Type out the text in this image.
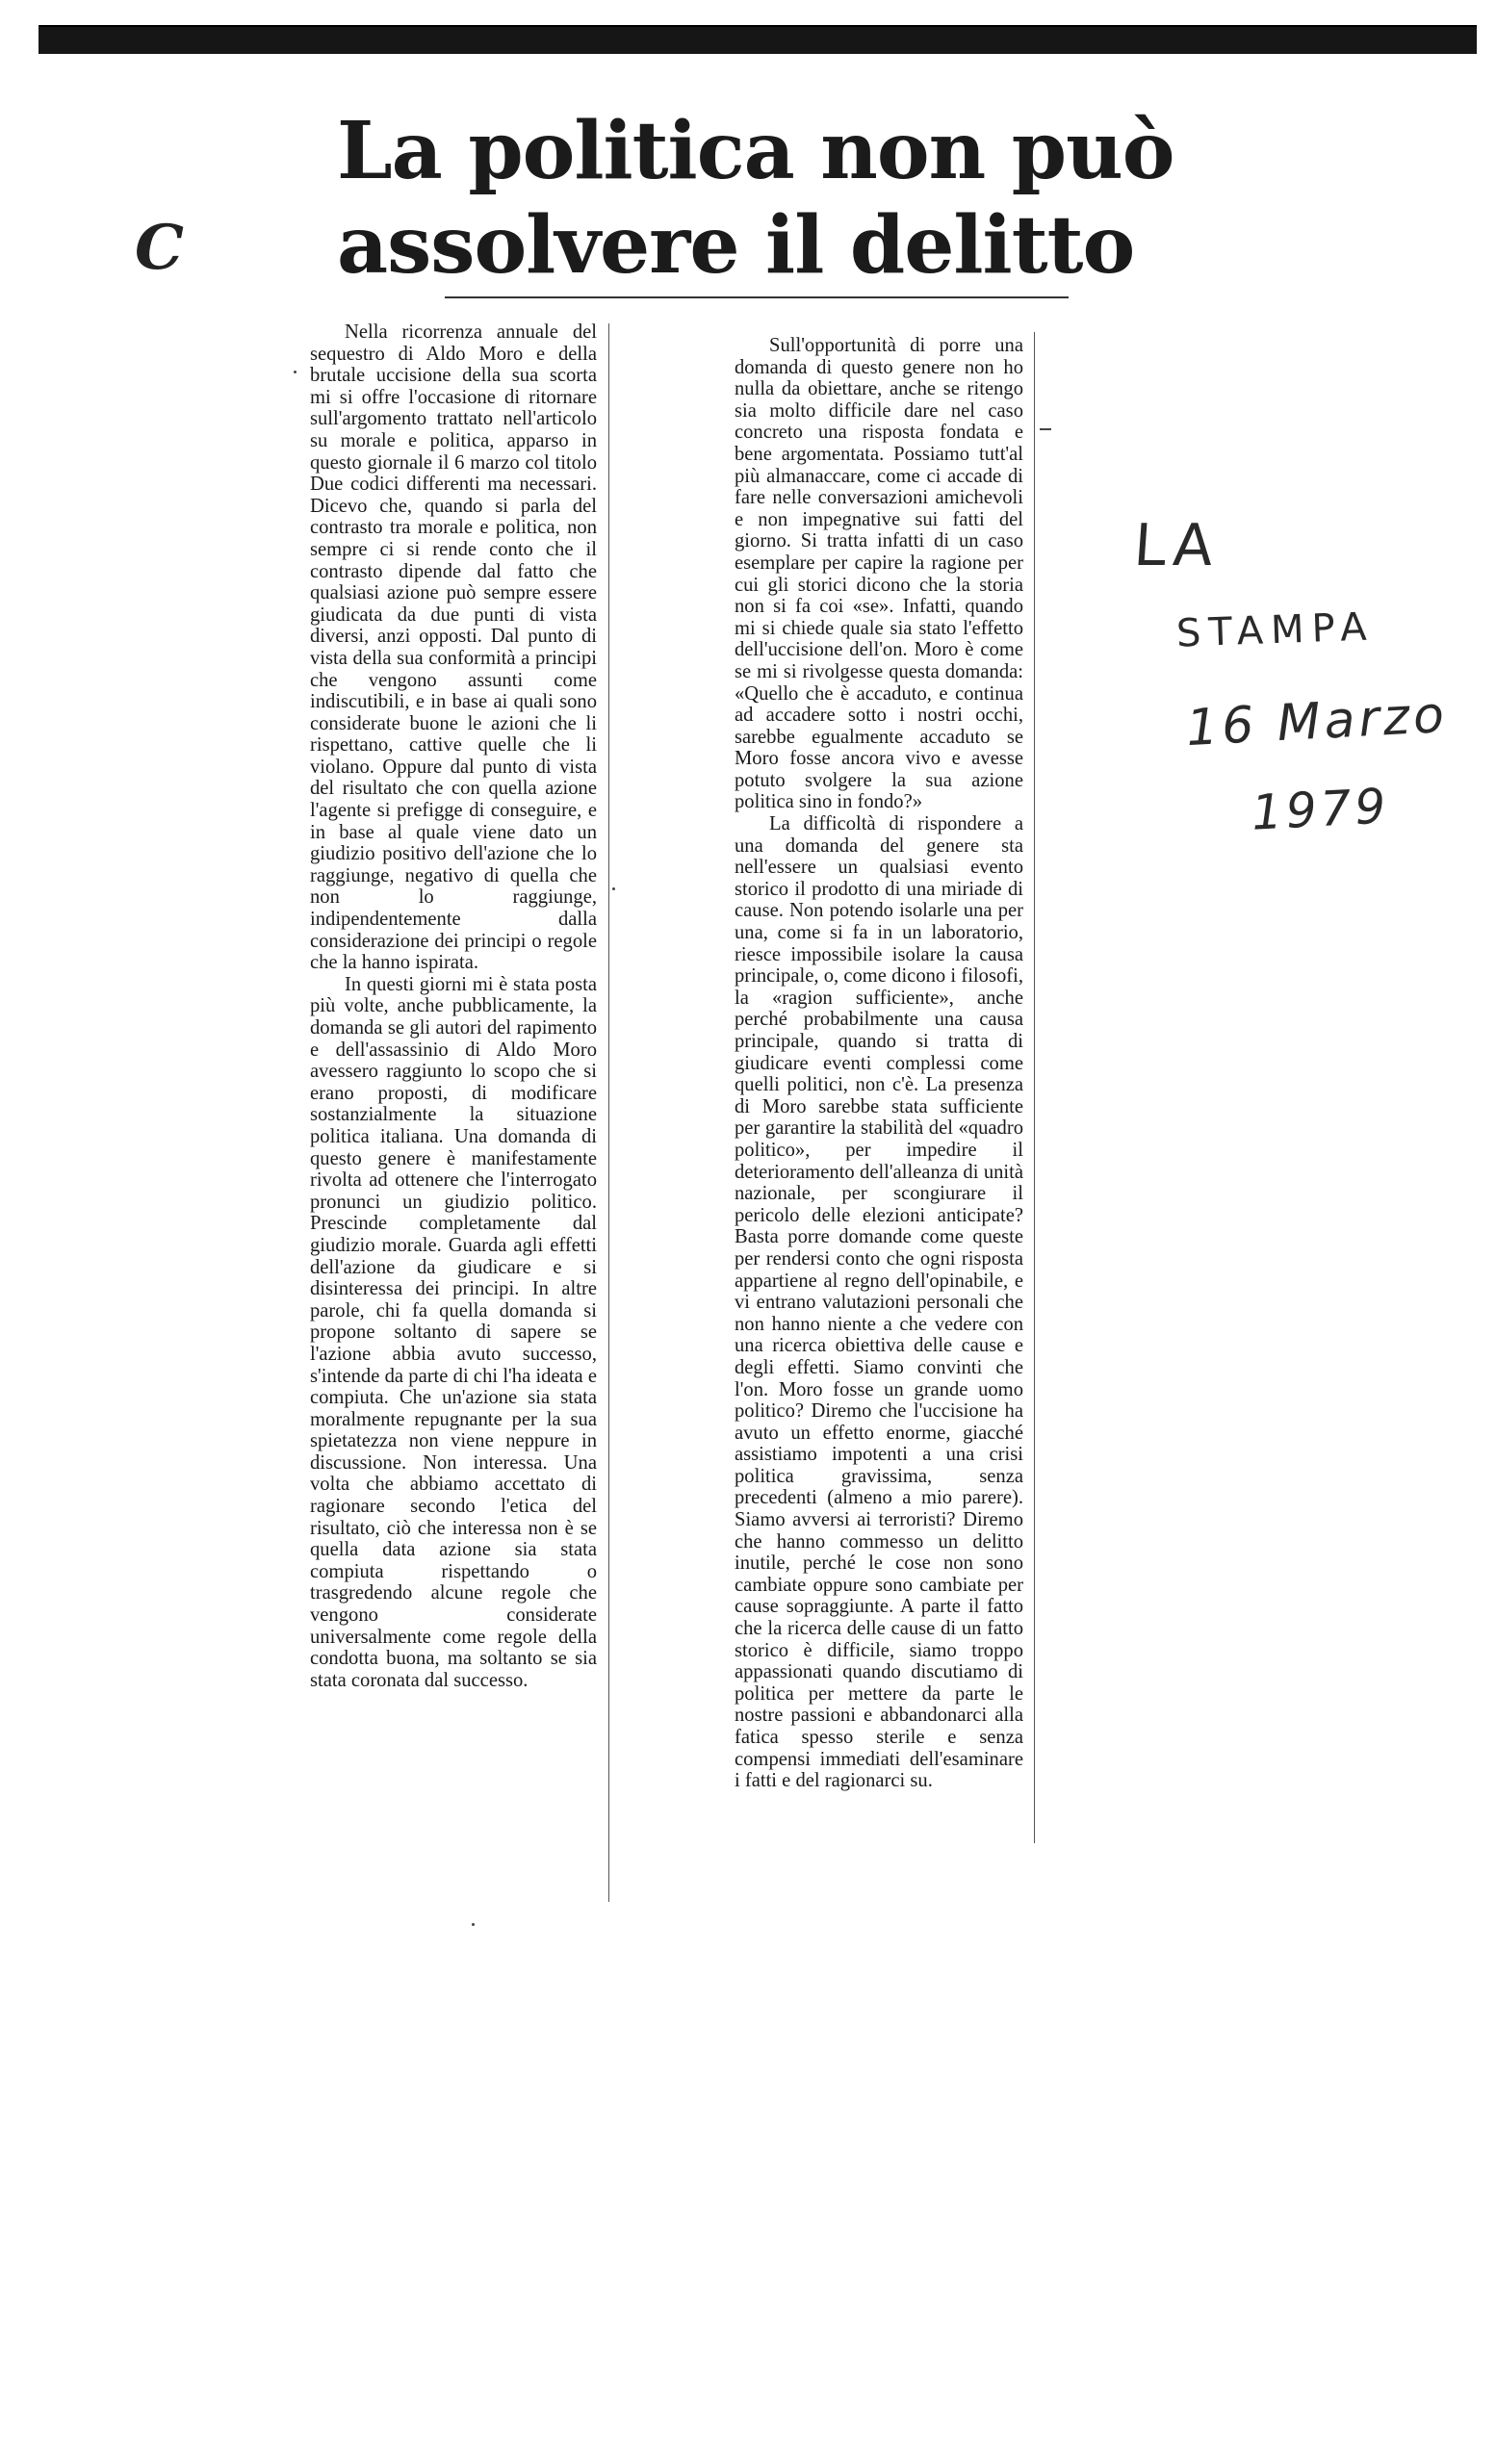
C
La politica non può
assolvere il delitto

Nella ricorrenza annuale del sequestro di Aldo Moro e della brutale uccisione della sua scorta mi si offre l'occasione di ritornare sull'argomento trattato nell'articolo su morale e politica, apparso in questo giornale il 6 marzo col titolo Due codici differenti ma necessari. Dicevo che, quando si parla del contrasto tra morale e politica, non sempre ci si rende conto che il contrasto dipende dal fatto che qualsiasi azione può sempre essere giudicata da due punti di vista diversi, anzi opposti. Dal punto di vista della sua conformità a principi che vengono assunti come indiscutibili, e in base ai quali sono considerate buone le azioni che li rispettano, cattive quelle che li violano. Oppure dal punto di vista del risultato che con quella azione l'agente si prefigge di conseguire, e in base al quale viene dato un giudizio positivo dell'azione che lo raggiunge, negativo di quella che non lo raggiunge, indipendentemente dalla considerazione dei principi o regole che la hanno ispirata.

In questi giorni mi è stata posta più volte, anche pubblicamente, la domanda se gli autori del rapimento e dell'assassinio di Aldo Moro avessero raggiunto lo scopo che si erano proposti, di modificare sostanzialmente la situazione politica italiana. Una domanda di questo genere è manifestamente rivolta ad ottenere che l'interrogato pronunci un giudizio politico. Prescinde completamente dal giudizio morale. Guarda agli effetti dell'azione da giudicare e si disinteressa dei principi. In altre parole, chi fa quella domanda si propone soltanto di sapere se l'azione abbia avuto successo, s'intende da parte di chi l'ha ideata e compiuta. Che un'azione sia stata moralmente repugnante per la sua spietatezza non viene neppure in discussione. Non interessa. Una volta che abbiamo accettato di ragionare secondo l'etica del risultato, ciò che interessa non è se quella data azione sia stata compiuta rispettando o trasgredendo alcune regole che vengono considerate universalmente come regole della condotta buona, ma soltanto se sia stata coronata dal successo.

Sull'opportunità di porre una domanda di questo genere non ho nulla da obiettare, anche se ritengo sia molto difficile dare nel caso concreto una risposta fondata e bene argomentata. Possiamo tutt'al più almanaccare, come ci accade di fare nelle conversazioni amichevoli e non impegnative sui fatti del giorno. Si tratta infatti di un caso esemplare per capire la ragione per cui gli storici dicono che la storia non si fa coi «se». Infatti, quando mi si chiede quale sia stato l'effetto dell'uccisione dell'on. Moro è come se mi si rivolgesse questa domanda: «Quello che è accaduto, e continua ad accadere sotto i nostri occhi, sarebbe egualmente accaduto se Moro fosse ancora vivo e avesse potuto svolgere la sua azione politica sino in fondo?»

La difficoltà di rispondere a una domanda del genere sta nell'essere un qualsiasi evento storico il prodotto di una miriade di cause. Non potendo isolarle una per una, come si fa in un laboratorio, riesce impossibile isolare la causa principale, o, come dicono i filosofi, la «ragion sufficiente», anche perché probabilmente una causa principale, quando si tratta di giudicare eventi complessi come quelli politici, non c'è. La presenza di Moro sarebbe stata sufficiente per garantire la stabilità del «quadro politico», per impedire il deterioramento dell'alleanza di unità nazionale, per scongiurare il pericolo delle elezioni anticipate? Basta porre domande come queste per rendersi conto che ogni risposta appartiene al regno dell'opinabile, e vi entrano valutazioni personali che non hanno niente a che vedere con una ricerca obiettiva delle cause e degli effetti. Siamo convinti che l'on. Moro fosse un grande uomo politico? Diremo che l'uccisione ha avuto un effetto enorme, giacché assistiamo impotenti a una crisi politica gravissima, senza precedenti (almeno a mio parere). Siamo avversi ai terroristi? Diremo che hanno commesso un delitto inutile, perché le cose non sono cambiate oppure sono cambiate per cause sopraggiunte. A parte il fatto che la ricerca delle cause di un fatto storico è difficile, siamo troppo appassionati quando discutiamo di politica per mettere da parte le nostre passioni e abbandonarci alla fatica spesso sterile e senza compensi immediati dell'esaminare i fatti e del ragionarci su.

LA
STAMPA
16 Marzo
1979
